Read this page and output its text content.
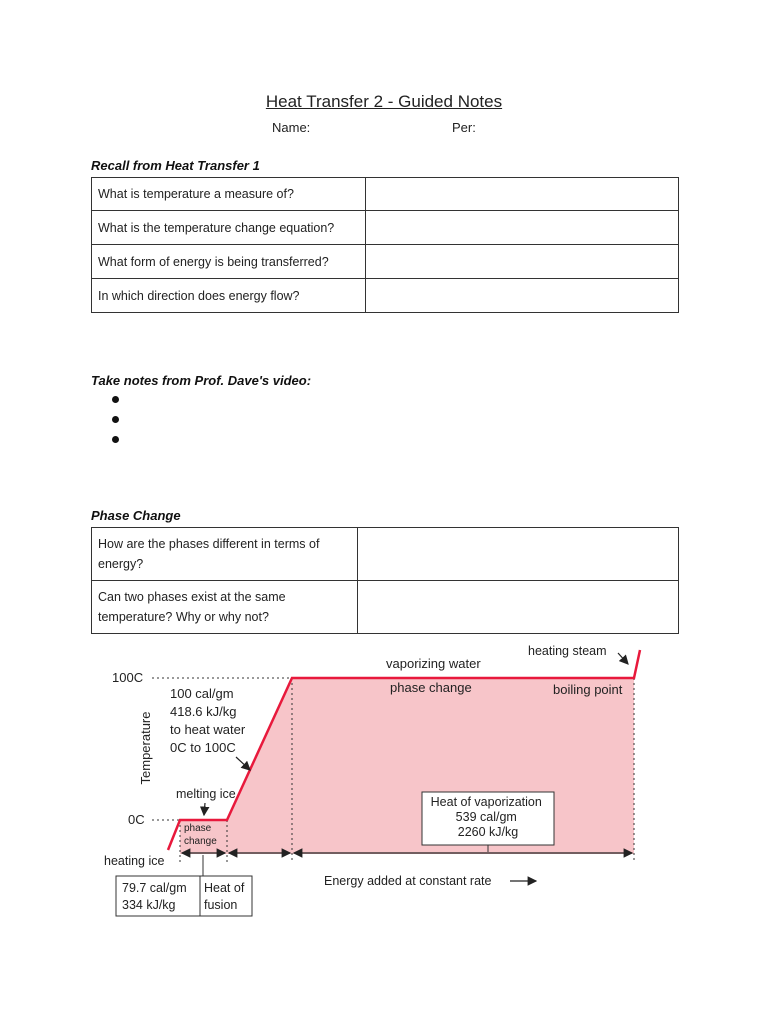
Heat Transfer 2 - Guided Notes
Name:	Per:
Recall from Heat Transfer 1
What is temperature a measure of?	
What is the temperature change equation?	
What form of energy is being transferred?	
In which direction does energy flow?	
Take notes from Prof. Dave's video:
Phase Change
How are the phases different in terms of
energy?	
Can two phases exist at the same
temperature? Why or why not?	
Temperature
100C
0C
100 cal/gm 418.6 kJ/kg to heat water 0C to 100C
vaporizing water
phase change
heating steam
boiling point
melting ice
phase change
heating ice
Heat of vaporization 539 cal/gm 2260 kJ/kg
79.7 cal/gm 334 kJ/kg
Heat of fusion
Energy added at constant rate
